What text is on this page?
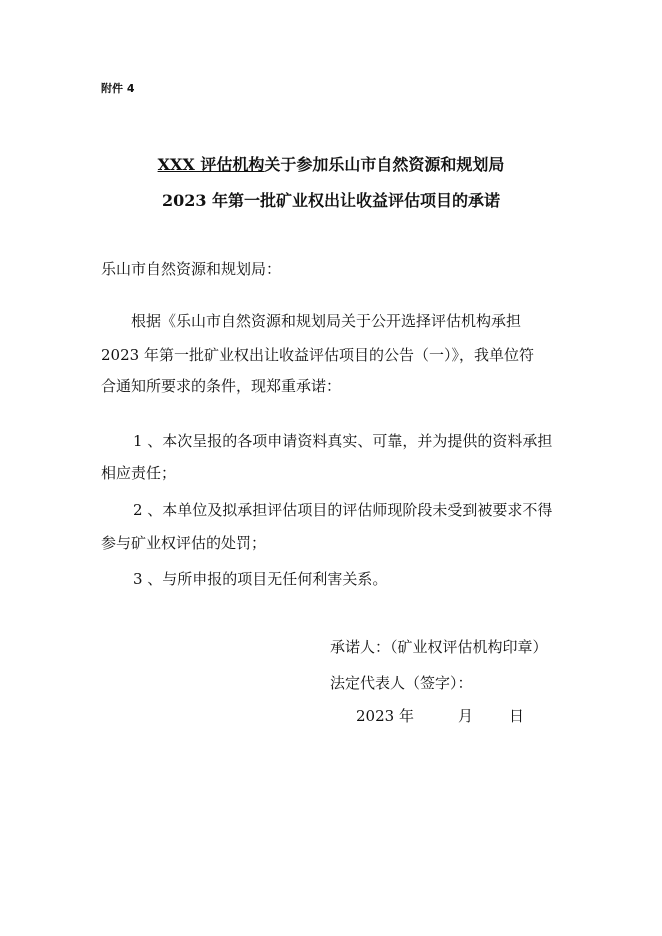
附件 4
XXX 评估机构关于参加乐山市自然资源和规划局
2023 年第一批矿业权出让收益评估项目的承诺
乐山市自然资源和规划局：
根据《乐山市自然资源和规划局关于公开选择评估机构承担
2023 年第一批矿业权出让收益评估项目的公告（一）》，我单位符
合通知所要求的条件，现郑重承诺：
1 、本次呈报的各项申请资料真实、可靠，并为提供的资料承担
相应责任；
2 、本单位及拟承担评估项目的评估师现阶段未受到被要求不得
参与矿业权评估的处罚；
3 、与所申报的项目无任何利害关系。
承诺人：（矿业权评估机构印章）
法定代表人（签字）：
2023 年	月 日
